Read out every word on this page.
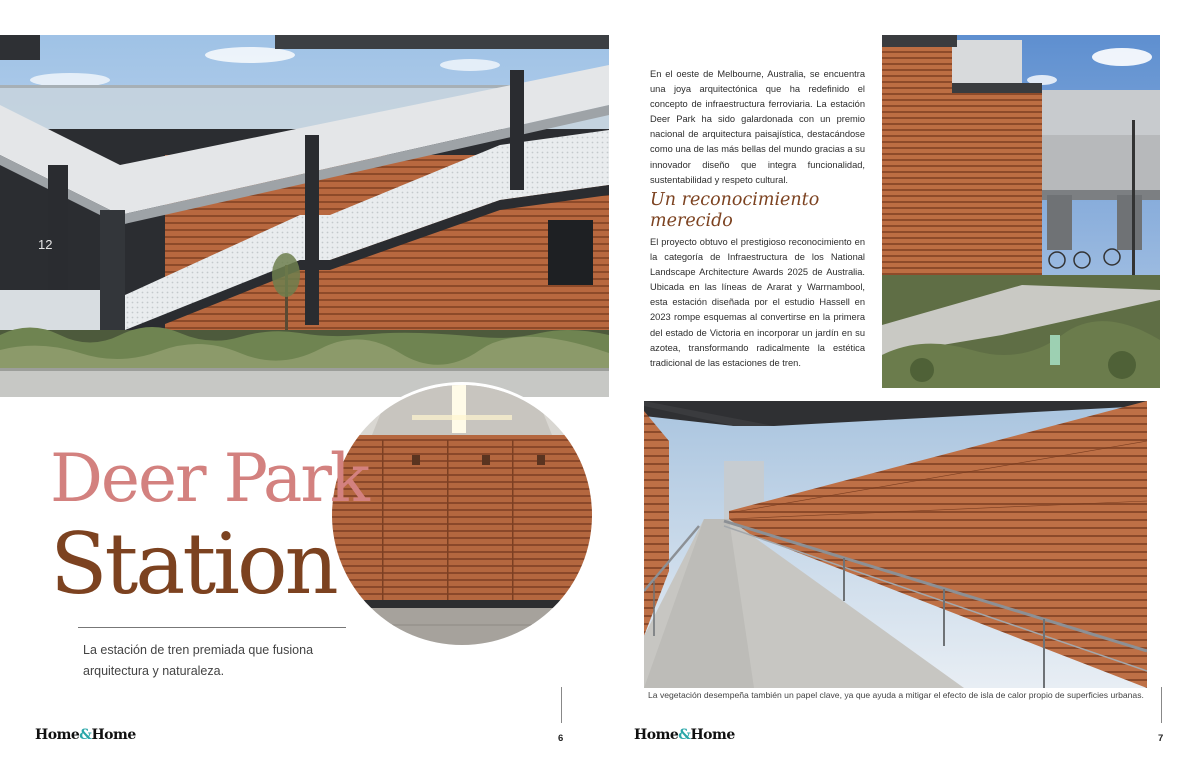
12
Deer Park
Station
La estación de tren premiada que fusiona arquitectura y naturaleza.
En el oeste de Melbourne, Australia, se encuentra una joya arquitectónica que ha redefinido el concepto de infraestructura ferroviaria. La estación Deer Park ha sido galardonada con un premio nacional de arquitectura paisajística, destacándose como una de las más bellas del mundo gracias a su innovador diseño que integra funcionalidad, sustentabilidad y respeto cultural.
Un reconocimiento merecido
El proyecto obtuvo el prestigioso reconocimiento en la categoría de Infraestructura de los National Landscape Architecture Awards 2025 de Australia. Ubicada en las líneas de Ararat y Warrnambool, esta estación diseñada por el estudio Hassell en 2023 rompe esquemas al convertirse en la primera del estado de Victoria en incorporar un jardín en su azotea, transformando radicalmente la estética tradicional de las estaciones de tren.
La vegetación desempeña también un papel clave, ya que ayuda a mitigar el efecto de isla de calor propio de superficies urbanas.
Home&Home	6	Home&Home	7
